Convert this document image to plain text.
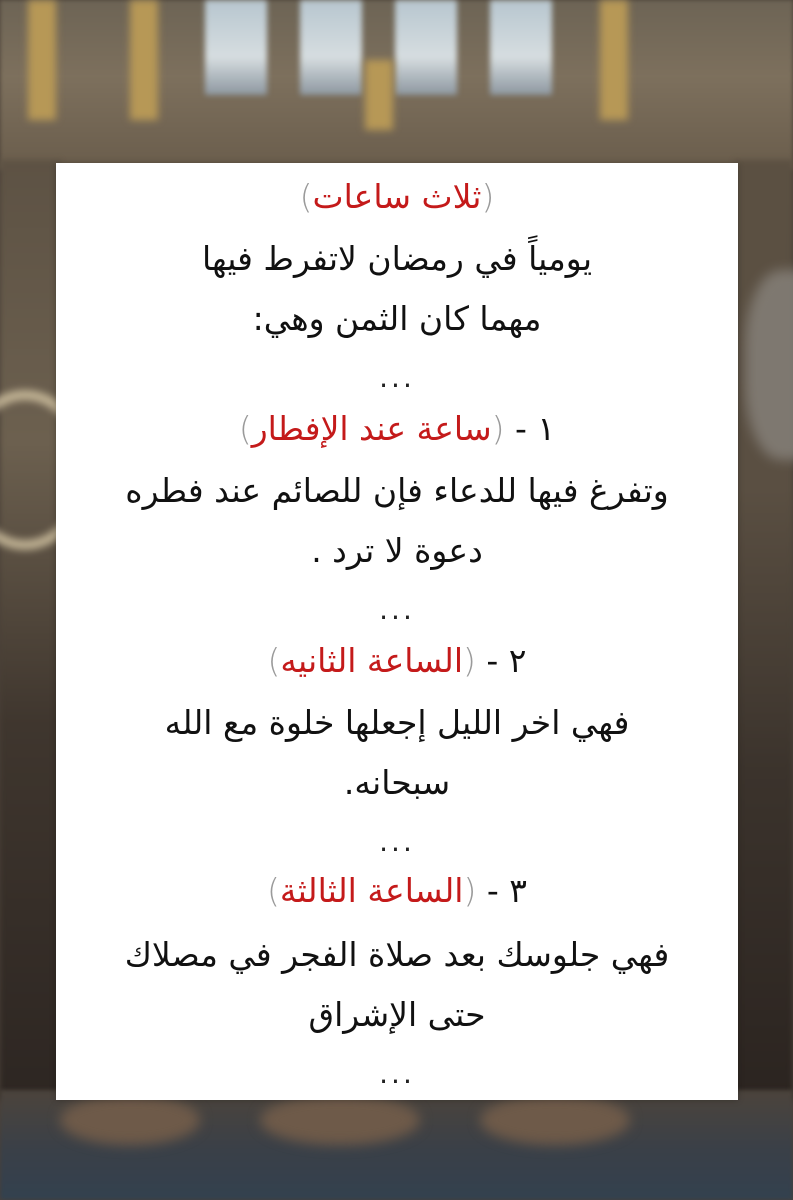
(ثلاث ساعات)
يومياً في رمضان لاتفرط فيها
مهما كان الثمن وهي:
...
١ - (ساعة عند الإفطار)
وتفرغ فيها للدعاء فإن للصائم عند فطره
دعوة لا ترد .
...
٢ - (الساعة الثانيه)
فهي اخر الليل إجعلها خلوة مع الله
سبحانه.
...
٣ - (الساعة الثالثة)
فهي جلوسك بعد صلاة الفجر في مصلاك
حتى الإشراق
...
